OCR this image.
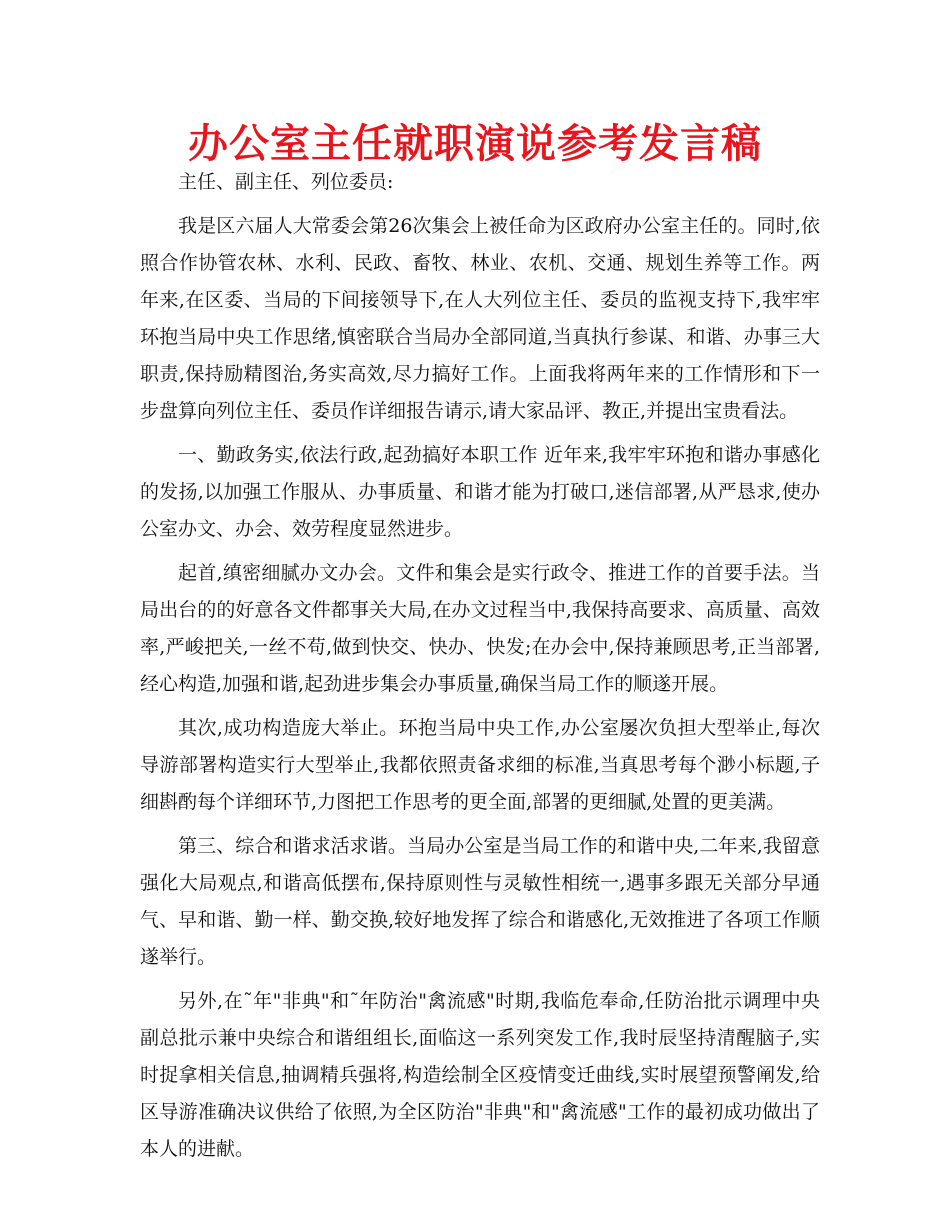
办公室主任就职演说参考发言稿

主任、副主任、列位委员:

我是区六届人大常委会第26次集会上被任命为区政府办公室主任的。同时,依照合作协管农林、水利、民政、畜牧、林业、农机、交通、规划生养等工作。两年来,在区委、当局的下间接领导下,在人大列位主任、委员的监视支持下,我牢牢环抱当局中央工作思绪,慎密联合当局办全部同道,当真执行参谋、和谐、办事三大职责,保持励精图治,务实高效,尽力搞好工作。上面我将两年来的工作情形和下一步盘算向列位主任、委员作详细报告请示,请大家品评、教正,并提出宝贵看法。

一、勤政务实,依法行政,起劲搞好本职工作 近年来,我牢牢环抱和谐办事感化的发扬,以加强工作服从、办事质量、和谐才能为打破口,迷信部署,从严恳求,使办公室办文、办会、效劳程度显然进步。

起首,缜密细腻办文办会。文件和集会是实行政令、推进工作的首要手法。当局出台的的好意各文件都事关大局,在办文过程当中,我保持高要求、高质量、高效率,严峻把关,一丝不苟,做到快交、快办、快发;在办会中,保持兼顾思考,正当部署,经心构造,加强和谐,起劲进步集会办事质量,确保当局工作的顺遂开展。

其次,成功构造庞大举止。环抱当局中央工作,办公室屡次负担大型举止,每次导游部署构造实行大型举止,我都依照责备求细的标准,当真思考每个渺小标题,子细斟酌每个详细环节,力图把工作思考的更全面,部署的更细腻,处置的更美满。

第三、综合和谐求活求谐。当局办公室是当局工作的和谐中央,二年来,我留意强化大局观点,和谐高低摆布,保持原则性与灵敏性相统一,遇事多跟无关部分早通气、早和谐、勤一样、勤交换,较好地发挥了综合和谐感化,无效推进了各项工作顺遂举行。

另外,在˜年"非典"和˜年防治"禽流感"时期,我临危奉命,任防治批示调理中央副总批示兼中央综合和谐组组长,面临这一系列突发工作,我时辰坚持清醒脑子,实时捉拿相关信息,抽调精兵强将,构造绘制全区疫情变迁曲线,实时展望预警阐发,给区导游准确决议供给了依照,为全区防治"非典"和"禽流感"工作的最初成功做出了本人的进献。
